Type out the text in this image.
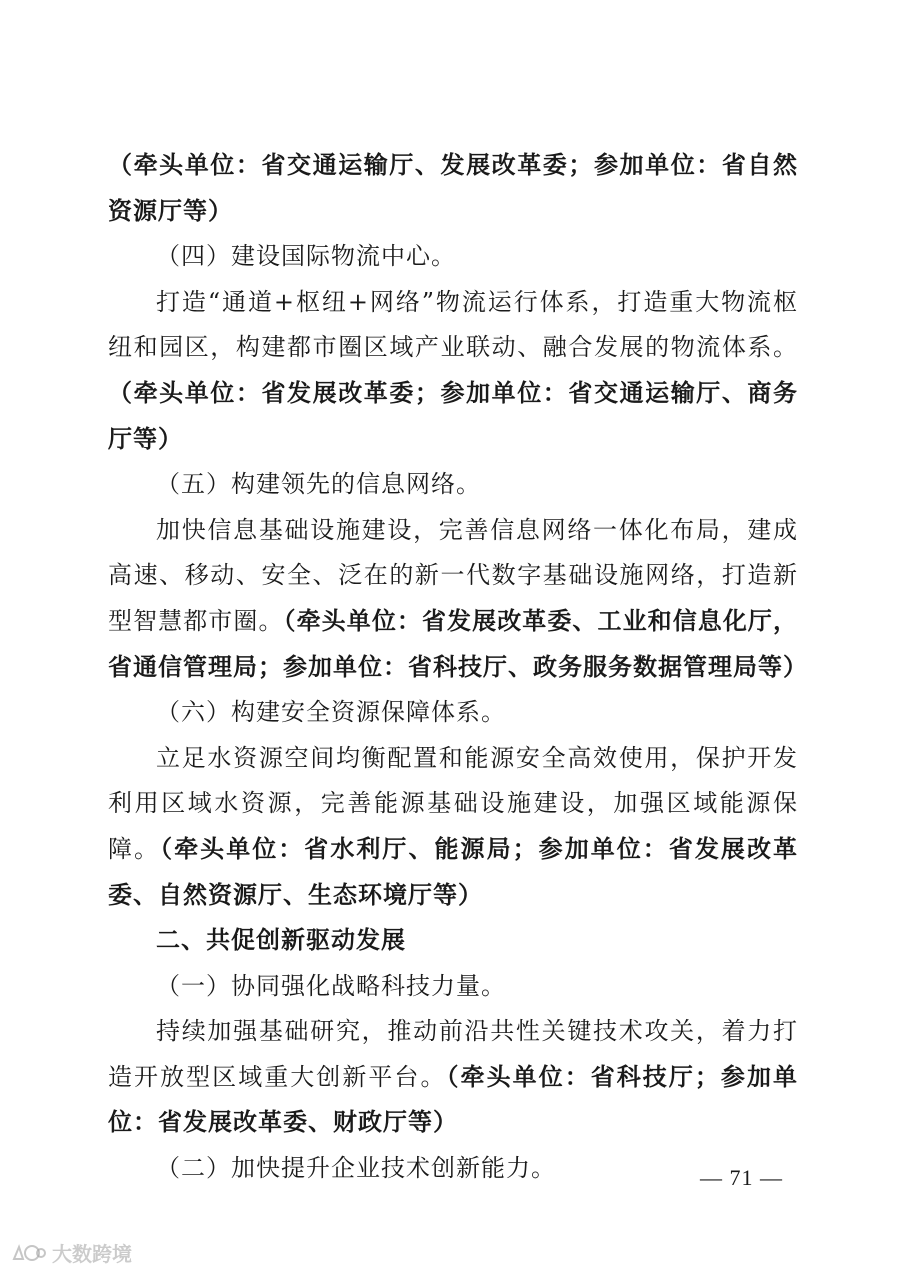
（牵头单位：省交通运输厅、发展改革委；参加单位：省自然资源厅等）

（四）建设国际物流中心。

打造“通道+枢纽+网络”物流运行体系，打造重大物流枢纽和园区，构建都市圈区域产业联动、融合发展的物流体系。（牵头单位：省发展改革委；参加单位：省交通运输厅、商务厅等）

（五）构建领先的信息网络。

加快信息基础设施建设，完善信息网络一体化布局，建成高速、移动、安全、泛在的新一代数字基础设施网络，打造新型智慧都市圈。（牵头单位：省发展改革委、工业和信息化厅，省通信管理局；参加单位：省科技厅、政务服务数据管理局等）

（六）构建安全资源保障体系。

立足水资源空间均衡配置和能源安全高效使用，保护开发利用区域水资源，完善能源基础设施建设，加强区域能源保障。（牵头单位：省水利厅、能源局；参加单位：省发展改革委、自然资源厅、生态环境厅等）

二、共促创新驱动发展

（一）协同强化战略科技力量。

持续加强基础研究，推动前沿共性关键技术攻关，着力打造开放型区域重大创新平台。（牵头单位：省科技厅；参加单位：省发展改革委、财政厅等）

（二）加快提升企业技术创新能力。	— 71 —
大数跨境
